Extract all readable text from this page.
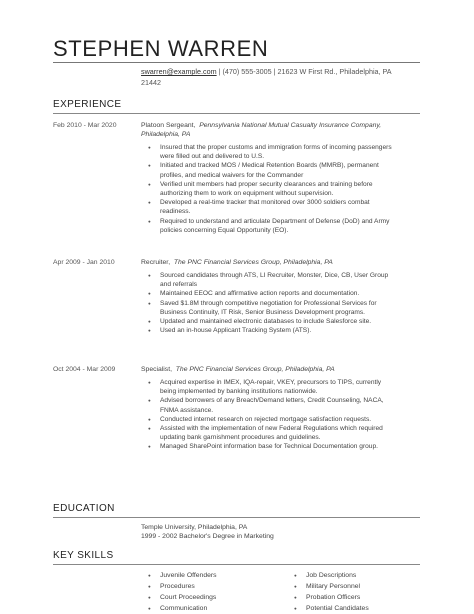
STEPHEN WARREN
swarren@example.com | (470) 555-3005 | 21623 W First Rd., Philadelphia, PA
21442
EXPERIENCE
Feb 2010 - Mar 2020	Platoon Sergeant, Pennsylvania National Mutual Casualty Insurance Company,
Philadelphia, PA
● Insured that the proper customs and immigration forms of incoming passengers were filled out and delivered to U.S.
● Initiated and tracked MOS / Medical Retention Boards (MMRB), permanent profiles, and medical waivers for the Commander
● Verified unit members had proper security clearances and training before authorizing them to work on equipment without supervision.
● Developed a real-time tracker that monitored over 3000 soldiers combat readiness.
● Required to understand and articulate Department of Defense (DoD) and Army policies concerning Equal Opportunity (EO).
Apr 2009 - Jan 2010	Recruiter, The PNC Financial Services Group, Philadelphia, PA
● Sourced candidates through ATS, LI Recruiter, Monster, Dice, CB, User Group and referrals
● Maintained EEOC and affirmative action reports and documentation.
● Saved $1.8M through competitive negotiation for Professional Services for Business Continuity, IT Risk, Senior Business Development programs.
● Updated and maintained electronic databases to include Salesforce site.
● Used an in-house Applicant Tracking System (ATS).
Oct 2004 - Mar 2009	Specialist, The PNC Financial Services Group, Philadelphia, PA
● Acquired expertise in IMEX, IQA-repair, VKEY, precursors to TIPS, currently being implemented by banking institutions nationwide.
● Advised borrowers of any Breach/Demand letters, Credit Counseling, NACA, FNMA assistance.
● Conducted internet research on rejected mortgage satisfaction requests.
● Assisted with the implementation of new Federal Regulations which required updating bank garnishment procedures and guidelines.
● Managed SharePoint information base for Technical Documentation group.
EDUCATION
Temple University, Philadelphia, PA
1999 - 2002 Bachelor's Degree in Marketing
KEY SKILLS
● Juvenile Offenders
● Procedures
● Court Proceedings
● Communication
● Job Descriptions
● Military Personnel
● Probation Officers
● Potential Candidates
